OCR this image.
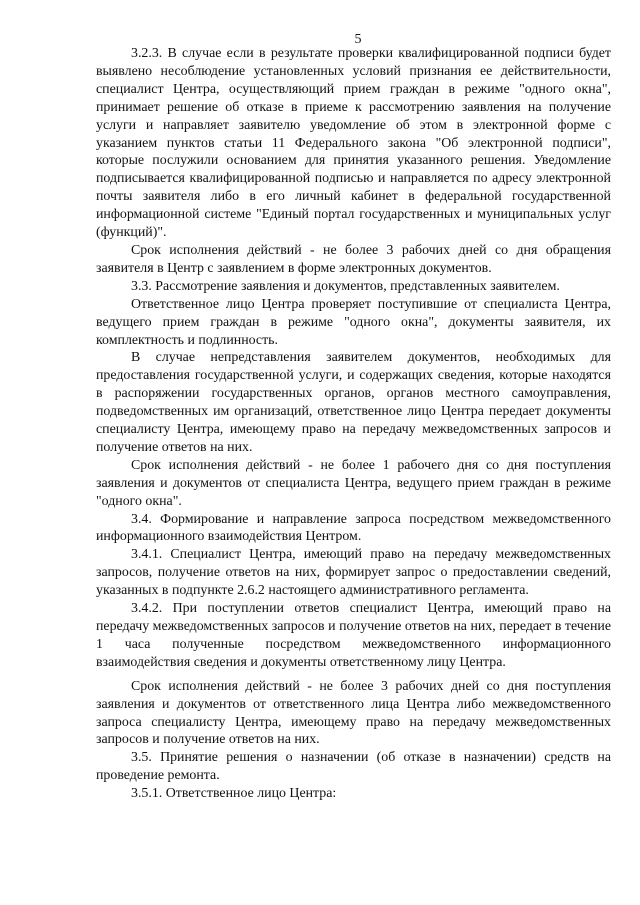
5

3.2.3. В случае если в результате проверки квалифицированной подписи будет выявлено несоблюдение установленных условий признания ее действительности, специалист Центра, осуществляющий прием граждан в режиме "одного окна", принимает решение об отказе в приеме к рассмотрению заявления на получение услуги и направляет заявителю уведомление об этом в электронной форме с указанием пунктов статьи 11 Федерального закона "Об электронной подписи", которые послужили основанием для принятия указанного решения. Уведомление подписывается квалифицированной подписью и направляется по адресу электронной почты заявителя либо в его личный кабинет в федеральной государственной информационной системе "Единый портал государственных и муниципальных услуг (функций)".

Срок исполнения действий - не более 3 рабочих дней со дня обращения заявителя в Центр с заявлением в форме электронных документов.

3.3. Рассмотрение заявления и документов, представленных заявителем.

Ответственное лицо Центра проверяет поступившие от специалиста Центра, ведущего прием граждан в режиме "одного окна", документы заявителя, их комплектность и подлинность.

В случае непредставления заявителем документов, необходимых для предоставления государственной услуги, и содержащих сведения, которые находятся в распоряжении государственных органов, органов местного самоуправления, подведомственных им организаций, ответственное лицо Центра передает документы специалисту Центра, имеющему право на передачу межведомственных запросов и получение ответов на них.

Срок исполнения действий - не более 1 рабочего дня со дня поступления заявления и документов от специалиста Центра, ведущего прием граждан в режиме "одного окна".

3.4. Формирование и направление запроса посредством межведомственного информационного взаимодействия Центром.

3.4.1. Специалист Центра, имеющий право на передачу межведомственных запросов, получение ответов на них, формирует запрос о предоставлении сведений, указанных в подпункте 2.6.2 настоящего административного регламента.

3.4.2. При поступлении ответов специалист Центра, имеющий право на передачу межведомственных запросов и получение ответов на них, передает в течение 1 часа полученные посредством межведомственного информационного взаимодействия сведения и документы ответственному лицу Центра.

Срок исполнения действий - не более 3 рабочих дней со дня поступления заявления и документов от ответственного лица Центра либо межведомственного запроса специалисту Центра, имеющему право на передачу межведомственных запросов и получение ответов на них.

3.5. Принятие решения о назначении (об отказе в назначении) средств на проведение ремонта.

3.5.1. Ответственное лицо Центра:
